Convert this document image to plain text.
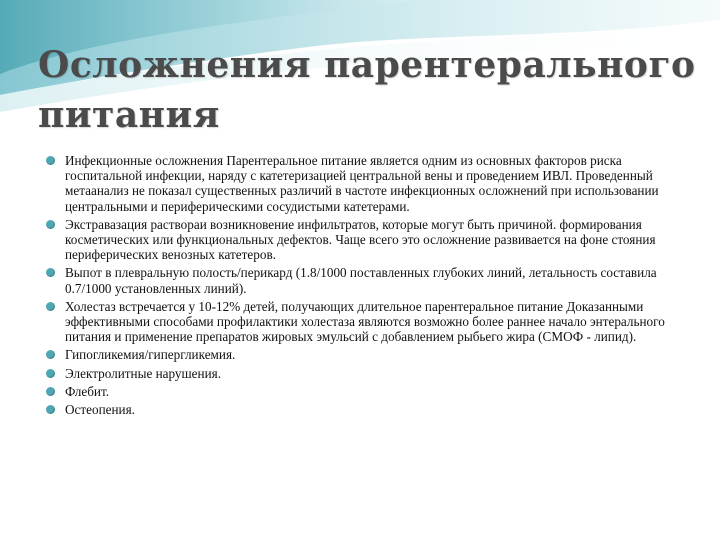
Осложнения парентерального питания
Инфекционные осложнения Парентеральное питание является одним из основных факторов риска госпитальной инфекции, наряду с катетеризацией центральной вены и проведением ИВЛ. Проведенный метаанализ не показал существенных различий в частоте инфекционных осложнений при использовании центральными и периферическими сосудистыми катетерами.
Экстравазация растворaи возникновение инфильтратов, которые могут быть причиной. формирования косметических или функциональных дефектов. Чаще всего это осложнение развивается на фоне стояния периферических венозных катетеров.
Выпот в плевральную полость/перикард (1.8/1000 поставленных глубоких линий, летальность составила 0.7/1000 установленных линий).
Холестаз встречается у 10-12% детей, получающих длительное парентеральное питание Доказанными эффективными способами профилактики холестаза являются возможно более раннее начало энтерального питания и применение препаратов жировых эмульсий с добавлением рыбьего жира (СМОФ - липид).
Гипогликемия/гипергликемия.
Электролитные нарушения.
Флебит.
Остеопения.
